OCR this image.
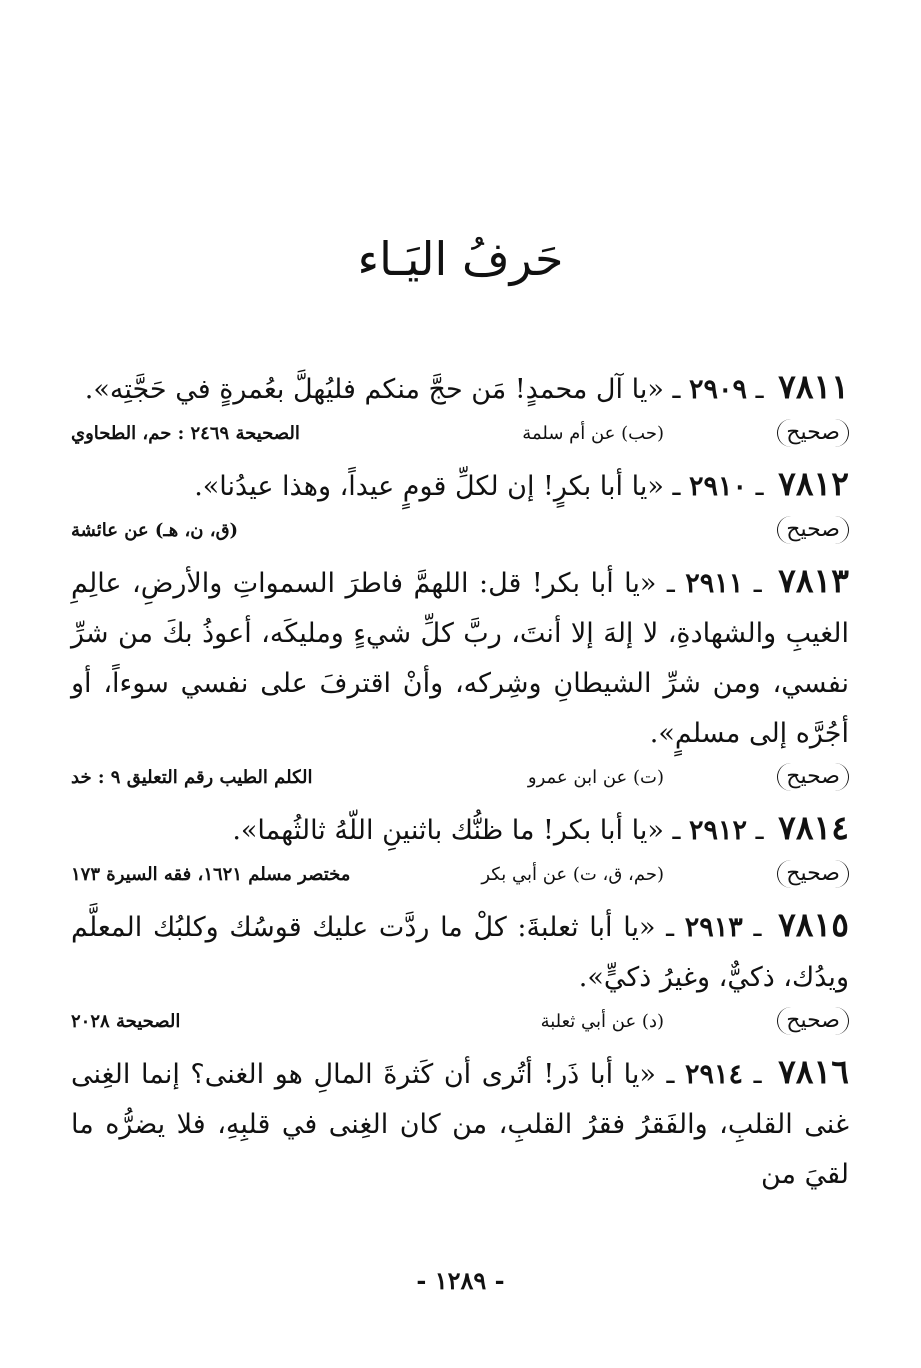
حَرفُ اليَـاء

٧٨١١ ـ ٢٩٠٩ ـ «يا آل محمدٍ! مَن حجَّ منكم فليُهلَّ بعُمرةٍ في حَجَّتِه».

صحيح
(حب) عن أم سلمة
الصحيحة ٢٤٦٩ : حم، الطحاوي

٧٨١٢ ـ ٢٩١٠ ـ «يا أبا بكرٍ! إن لكلِّ قومٍ عيداً، وهذا عيدُنا».

صحيح
(ق، ن، هـ) عن عائشة

٧٨١٣ ـ ٢٩١١ ـ «يا أبا بكر! قل: اللهمَّ فاطرَ السمواتِ والأرضِ، عالِمِ الغيبِ والشهادةِ، لا إلهَ إلا أنتَ، ربَّ كلِّ شيءٍ ومليكَه، أعوذُ بكَ من شرِّ نفسي، ومن شرِّ الشيطانِ وشِركه، وأنْ اقترفَ على نفسي سوءاً، أو أجُرَّه إلى مسلمٍ».

صحيح
(ت) عن ابن عمرو
الكلم الطيب رقم التعليق ٩ : خد

٧٨١٤ ـ ٢٩١٢ ـ «يا أبا بكر! ما ظنُّك باثنينِ اللّهُ ثالثُهما».

صحيح
(حم، ق، ت) عن أبي بكر
مختصر مسلم ١٦٢١، فقه السيرة ١٧٣

٧٨١٥ ـ ٢٩١٣ ـ «يا أبا ثعلبةَ: كلْ ما ردَّت عليك قوسُك وكلبُك المعلَّم ويدُك، ذكيٌّ، وغيرُ ذكيٍّ».

صحيح
(د) عن أبي ثعلبة
الصحيحة ٢٠٢٨

٧٨١٦ ـ ٢٩١٤ ـ «يا أبا ذَر! أتُرى أن كَثرةَ المالِ هو الغنى؟ إنما الغِنى غنى القلبِ، والفَقرُ فقرُ القلبِ، من كان الغِنى في قلبِهِ، فلا يضرُّه ما لقيَ من

- ١٢٨٩ -
